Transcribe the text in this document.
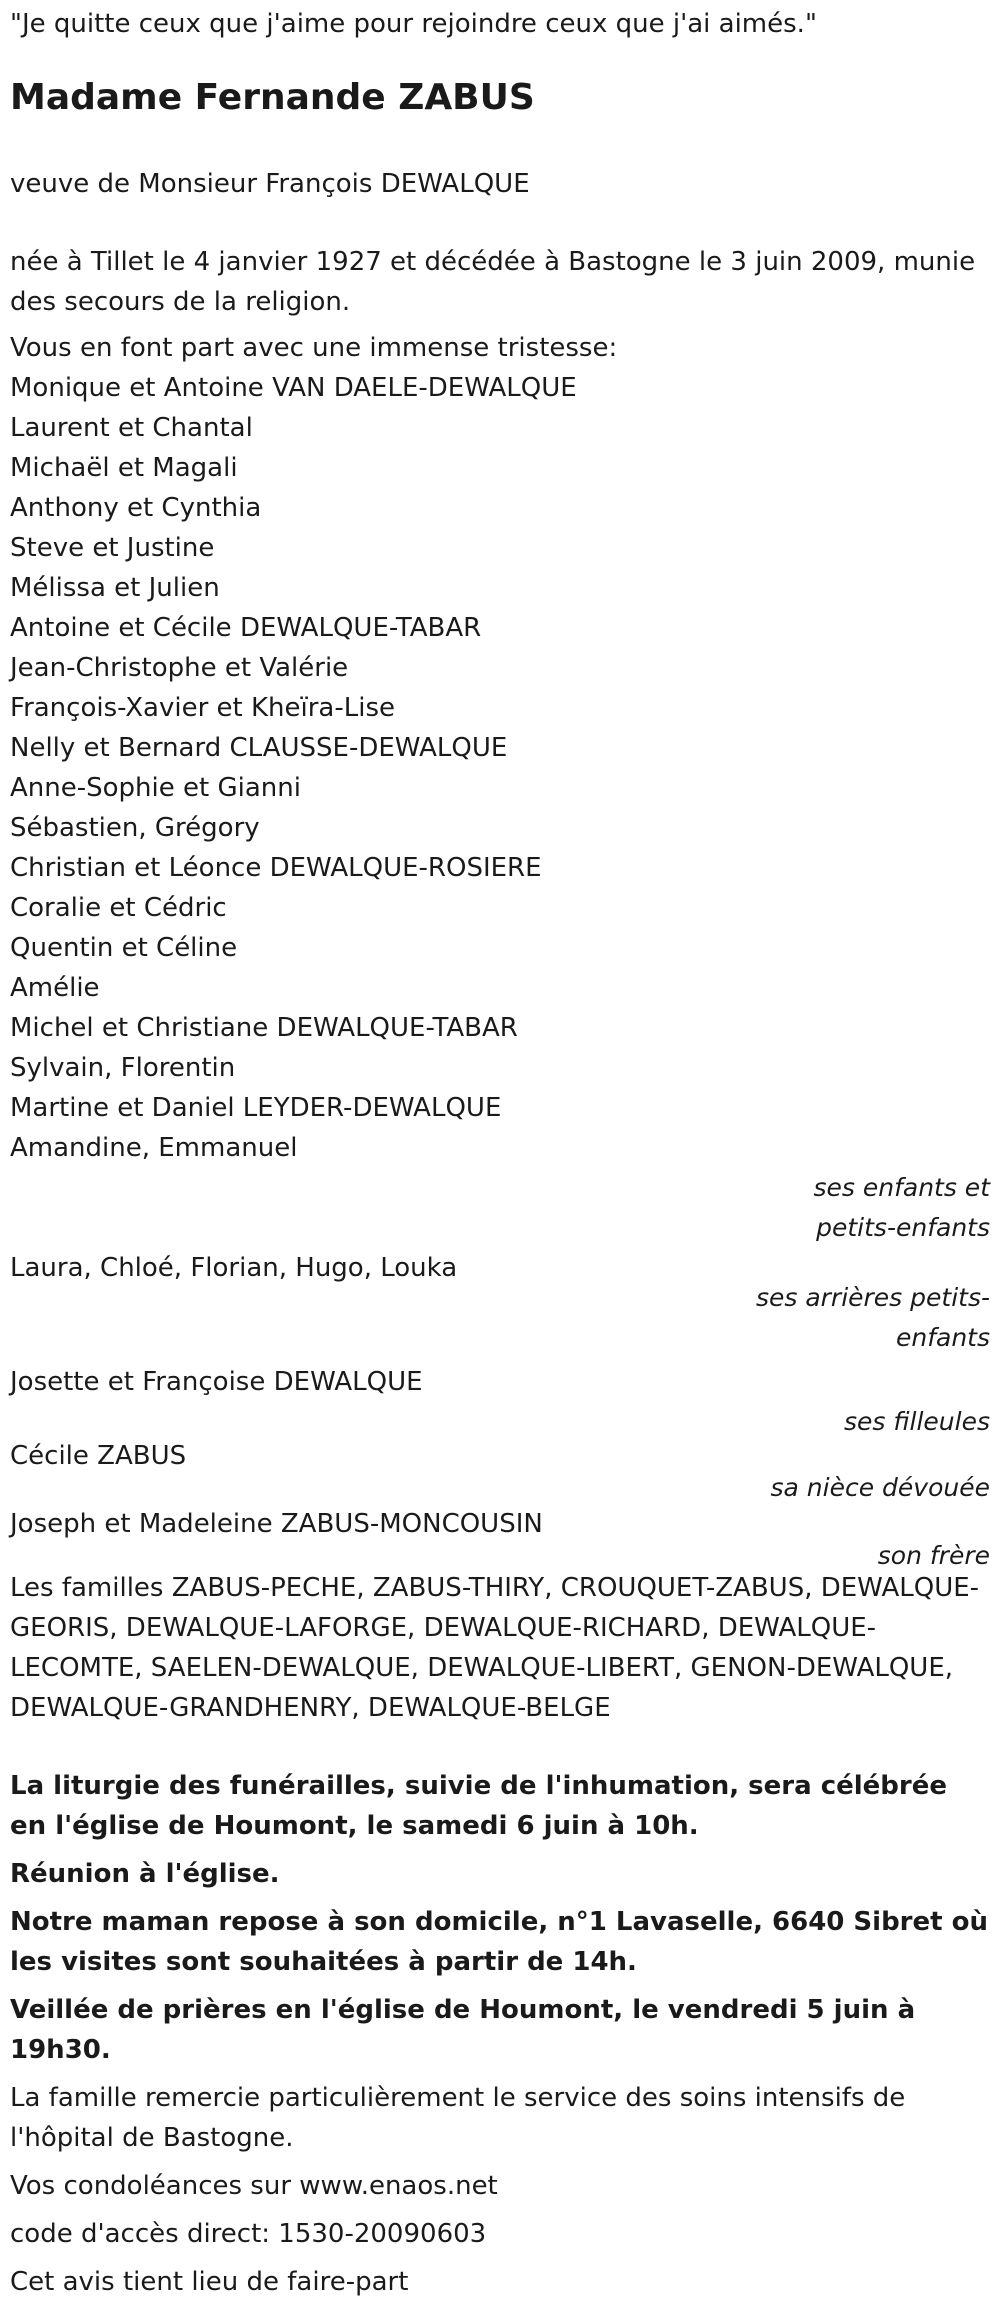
"Je quitte ceux que j'aime pour rejoindre ceux que j'ai aimés."

Madame Fernande ZABUS

veuve de Monsieur François DEWALQUE

née à Tillet le 4 janvier 1927 et décédée à Bastogne le 3 juin 2009, munie des secours de la religion.

Vous en font part avec une immense tristesse:

Monique et Antoine VAN DAELE-DEWALQUE

Laurent et Chantal

Michaël et Magali

Anthony et Cynthia

Steve et Justine

Mélissa et Julien

Antoine et Cécile DEWALQUE-TABAR

Jean-Christophe et Valérie

François-Xavier et Kheïra-Lise

Nelly et Bernard CLAUSSE-DEWALQUE

Anne-Sophie et Gianni

Sébastien, Grégory

Christian et Léonce DEWALQUE-ROSIERE

Coralie et Cédric

Quentin et Céline

Amélie

Michel et Christiane DEWALQUE-TABAR

Sylvain, Florentin

Martine et Daniel LEYDER-DEWALQUE

Amandine, Emmanuel

ses enfants et petits-enfants

Laura, Chloé, Florian, Hugo, Louka

ses arrières petits-enfants

Josette et Françoise DEWALQUE

ses filleules

Cécile ZABUS

sa nièce dévouée

Joseph et Madeleine ZABUS-MONCOUSIN

son frère

Les familles ZABUS-PECHE, ZABUS-THIRY, CROUQUET-ZABUS, DEWALQUE-GEORIS, DEWALQUE-LAFORGE, DEWALQUE-RICHARD, DEWALQUE-LECOMTE, SAELEN-DEWALQUE, DEWALQUE-LIBERT, GENON-DEWALQUE, DEWALQUE-GRANDHENRY, DEWALQUE-BELGE

La liturgie des funérailles, suivie de l'inhumation, sera célébrée en l'église de Houmont, le samedi 6 juin à 10h.

Réunion à l'église.

Notre maman repose à son domicile, n°1 Lavaselle, 6640 Sibret où les visites sont souhaitées à partir de 14h.

Veillée de prières en l'église de Houmont, le vendredi 5 juin à 19h30.

La famille remercie particulièrement le service des soins intensifs de l'hôpital de Bastogne.

Vos condoléances sur www.enaos.net

code d'accès direct: 1530-20090603

Cet avis tient lieu de faire-part
